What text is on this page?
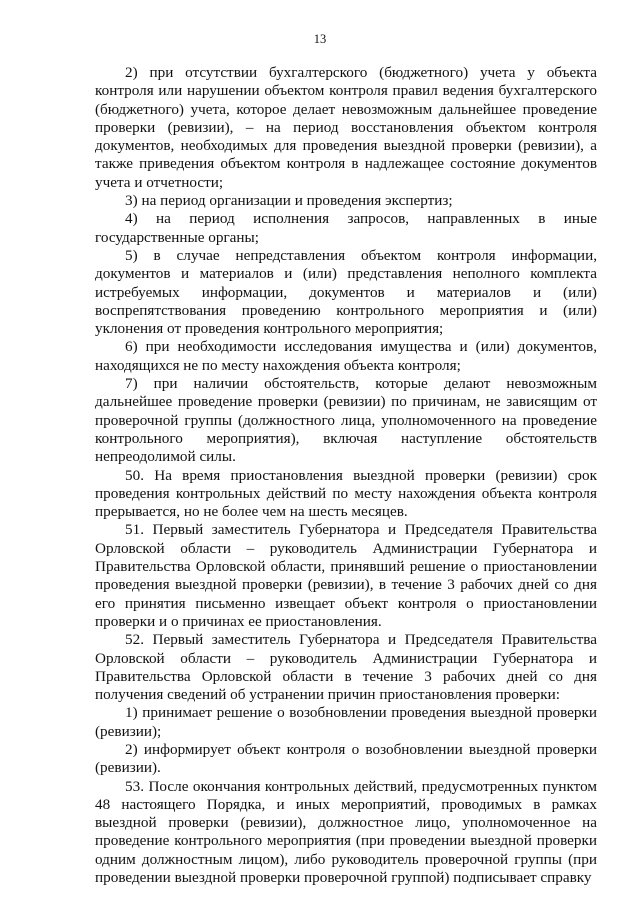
13

2) при отсутствии бухгалтерского (бюджетного) учета у объекта контроля или нарушении объектом контроля правил ведения бухгалтерского (бюджетного) учета, которое делает невозможным дальнейшее проведение проверки (ревизии), – на период восстановления объектом контроля документов, необходимых для проведения выездной проверки (ревизии), а также приведения объектом контроля в надлежащее состояние документов учета и отчетности;

3) на период организации и проведения экспертиз;

4) на период исполнения запросов, направленных в иные государственные органы;

5) в случае непредставления объектом контроля информации, документов и материалов и (или) представления неполного комплекта истребуемых информации, документов и материалов и (или) воспрепятствования проведению контрольного мероприятия и (или) уклонения от проведения контрольного мероприятия;

6) при необходимости исследования имущества и (или) документов, находящихся не по месту нахождения объекта контроля;

7) при наличии обстоятельств, которые делают невозможным дальнейшее проведение проверки (ревизии) по причинам, не зависящим от проверочной группы (должностного лица, уполномоченного на проведение контрольного мероприятия), включая наступление обстоятельств непреодолимой силы.

50. На время приостановления выездной проверки (ревизии) срок проведения контрольных действий по месту нахождения объекта контроля прерывается, но не более чем на шесть месяцев.

51. Первый заместитель Губернатора и Председателя Правительства Орловской области – руководитель Администрации Губернатора и Правительства Орловской области, принявший решение о приостановлении проведения выездной проверки (ревизии), в течение 3 рабочих дней со дня его принятия письменно извещает объект контроля о приостановлении проверки и о причинах ее приостановления.

52. Первый заместитель Губернатора и Председателя Правительства Орловской области – руководитель Администрации Губернатора и Правительства Орловской области в течение 3 рабочих дней со дня получения сведений об устранении причин приостановления проверки:

1) принимает решение о возобновлении проведения выездной проверки (ревизии);

2) информирует объект контроля о возобновлении выездной проверки (ревизии).

53. После окончания контрольных действий, предусмотренных пунктом 48 настоящего Порядка, и иных мероприятий, проводимых в рамках выездной проверки (ревизии), должностное лицо, уполномоченное на проведение контрольного мероприятия (при проведении выездной проверки одним должностным лицом), либо руководитель проверочной группы (при проведении выездной проверки проверочной группой) подписывает справку
